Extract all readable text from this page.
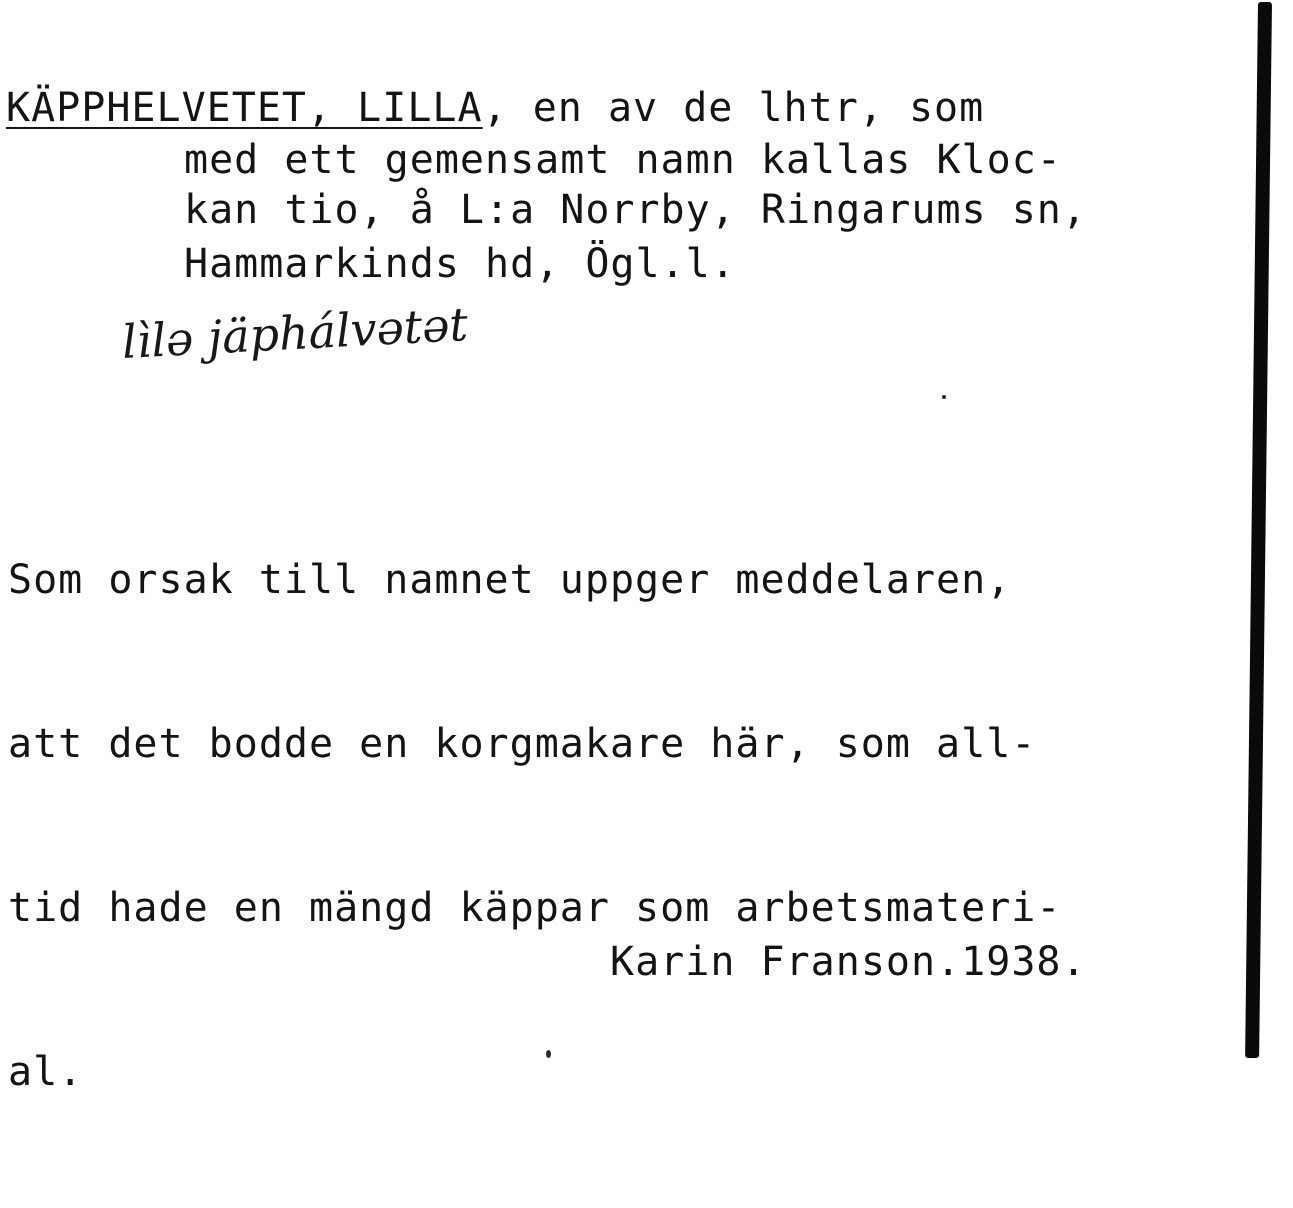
KÄPPHELVETET, LILLA, en av de lhtr, som
med ett gemensamt namn kallas Kloc-
kan tio, å L:a Norrby, Ringarums sn,
Hammarkinds hd, Ögl.l.
lìlə jäphálvətət

Som orsak till namnet uppger meddelaren,

att det bodde en korgmakare här, som all-

tid hade en mängd käppar som arbetsmateri-

al.

Karin Franson.1938.
